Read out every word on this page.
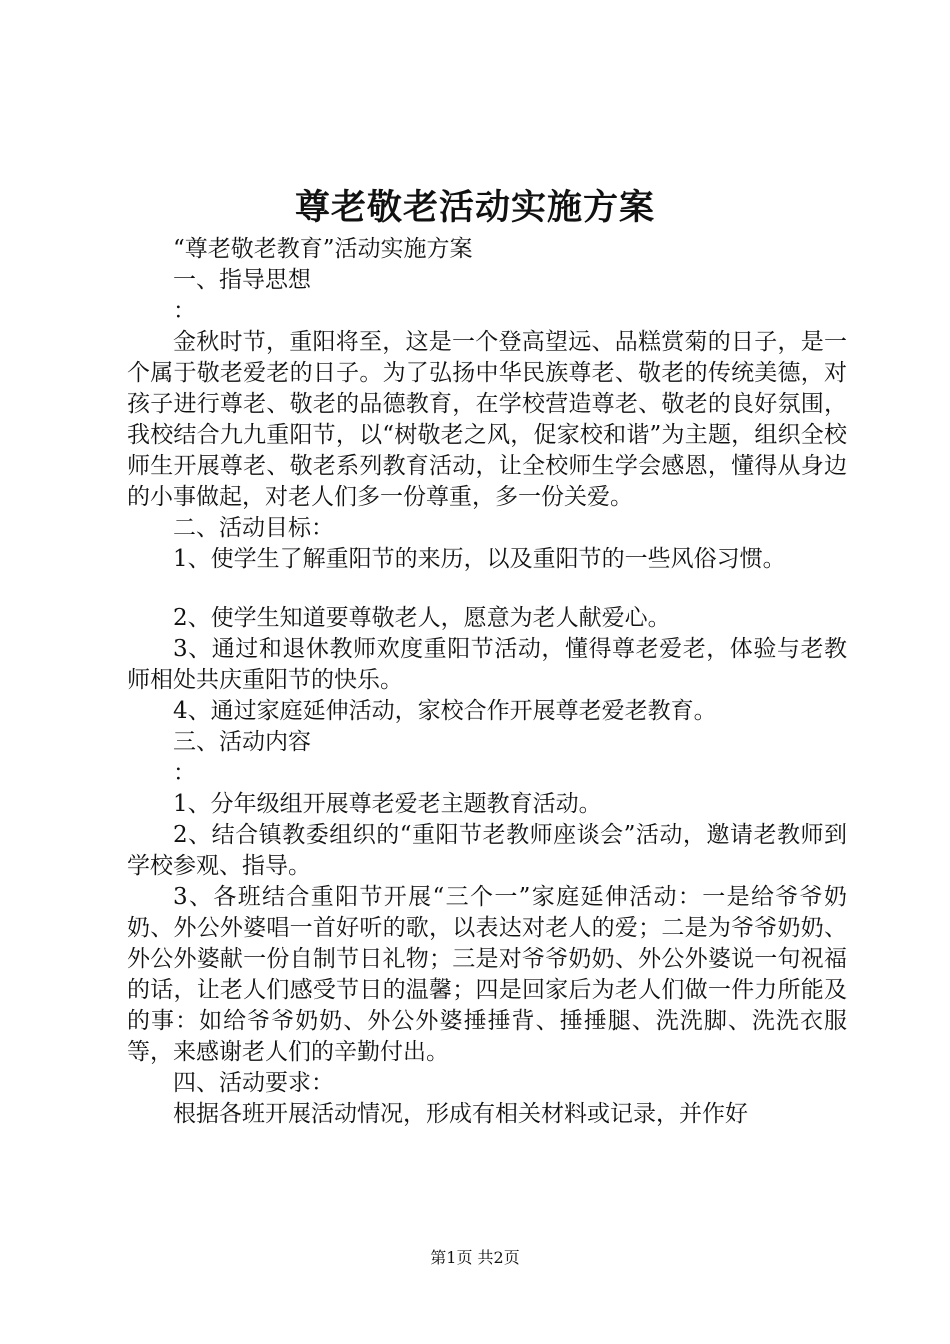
尊老敬老活动实施方案

“尊老敬老教育”活动实施方案

一、指导思想

：

金秋时节，重阳将至，这是一个登高望远、品糕赏菊的日子，是一个属于敬老爱老的日子。为了弘扬中华民族尊老、敬老的传统美德，对孩子进行尊老、敬老的品德教育，在学校营造尊老、敬老的良好氛围，我校结合九九重阳节，以“树敬老之风，促家校和谐”为主题，组织全校师生开展尊老、敬老系列教育活动，让全校师生学会感恩，懂得从身边的小事做起，对老人们多一份尊重，多一份关爱。

二、活动目标：

1、使学生了解重阳节的来历，以及重阳节的一些风俗习惯。

2、使学生知道要尊敬老人，愿意为老人献爱心。

3、通过和退休教师欢度重阳节活动，懂得尊老爱老，体验与老教师相处共庆重阳节的快乐。

4、通过家庭延伸活动，家校合作开展尊老爱老教育。

三、活动内容

：

1、分年级组开展尊老爱老主题教育活动。

2、结合镇教委组织的“重阳节老教师座谈会”活动，邀请老教师到学校参观、指导。

3、各班结合重阳节开展“三个一”家庭延伸活动：一是给爷爷奶奶、外公外婆唱一首好听的歌，以表达对老人的爱；二是为爷爷奶奶、外公外婆献一份自制节日礼物；三是对爷爷奶奶、外公外婆说一句祝福的话，让老人们感受节日的温馨；四是回家后为老人们做一件力所能及的事：如给爷爷奶奶、外公外婆捶捶背、捶捶腿、洗洗脚、洗洗衣服等，来感谢老人们的辛勤付出。

四、活动要求：

根据各班开展活动情况，形成有相关材料或记录，并作好

第1页 共2页
